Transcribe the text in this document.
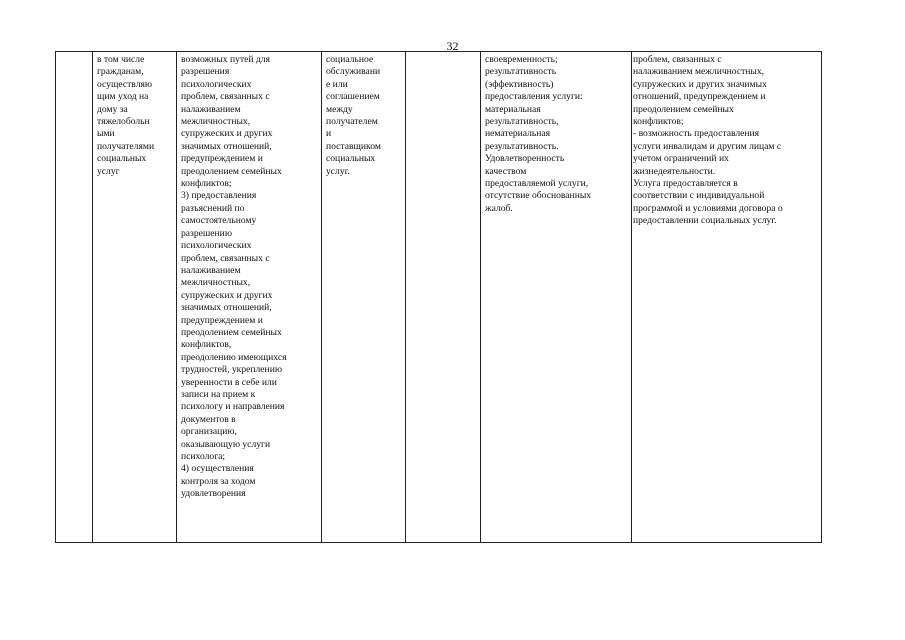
32
в том числе
гражданам,
осуществляю
щим уход на
дому за
тяжелобольн
ыми
получателями
социальных
услуг
возможных путей для
разрешения
психологических
проблем, связанных с
налаживанием
межличностных,
супружеских и других
значимых отношений,
предупреждением и
преодолением семейных
конфликтов;
3) предоставления
разъяснений по
самостоятельному
разрешению
психологических
проблем, связанных с
налаживанием
межличностных,
супружеских и других
значимых отношений,
предупреждением и
преодолением семейных
конфликтов,
преодолению имеющихся
трудностей, укреплению
уверенности в себе или
записи на прием к
психологу и направления
документов в
организацию,
оказывающую услуги
психолога;
4) осуществления
контроля за ходом
удовлетворения
социальное
обслуживани
е или
соглашением
между
получателем
и
поставщиком
социальных
услуг.
своевременность;
результативность
(эффективность)
предоставления услуги:
материальная
результативность,
нематериальная
результативность.
Удовлетворенность
качеством
предоставляемой услуги,
отсутствие обоснованных
жалоб.
проблем, связанных с
налаживанием межличностных,
супружеских и других значимых
отношений, предупреждением и
преодолением семейных
конфликтов;
- возможность предоставления
услуги инвалидам и другим лицам с
учетом ограничений их
жизнедеятельности.
Услуга предоставляется в
соответствии с индивидуальной
программой и условиями договора о
предоставлении социальных услуг.
